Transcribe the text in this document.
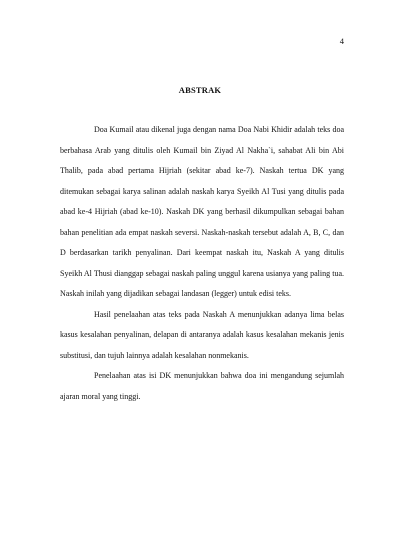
4
ABSTRAK

Doa Kumail atau dikenal juga dengan nama Doa Nabi Khidir adalah teks doa berbahasa Arab yang ditulis oleh Kumail bin Ziyad Al Nakha`i, sahabat Ali bin Abi Thalib, pada abad pertama Hijriah (sekitar abad ke-7). Naskah tertua DK yang ditemukan sebagai karya salinan adalah naskah karya Syeikh Al Tusi yang ditulis pada abad ke-4 Hijriah (abad ke-10). Naskah DK yang berhasil dikumpulkan sebagai bahan bahan penelitian ada empat naskah seversi. Naskah-naskah tersebut adalah A, B, C, dan D berdasarkan tarikh penyalinan. Dari keempat naskah itu, Naskah A yang ditulis Syeikh Al Thusi dianggap sebagai naskah paling unggul karena usianya yang paling tua. Naskah inilah yang dijadikan sebagai landasan (legger) untuk edisi teks.

Hasil penelaahan atas teks pada Naskah A menunjukkan adanya lima belas kasus kesalahan penyalinan, delapan di antaranya adalah kasus kesalahan mekanis jenis substitusi, dan tujuh lainnya adalah kesalahan nonmekanis.

Penelaahan atas isi DK menunjukkan bahwa doa ini mengandung sejumlah ajaran moral yang tinggi.
